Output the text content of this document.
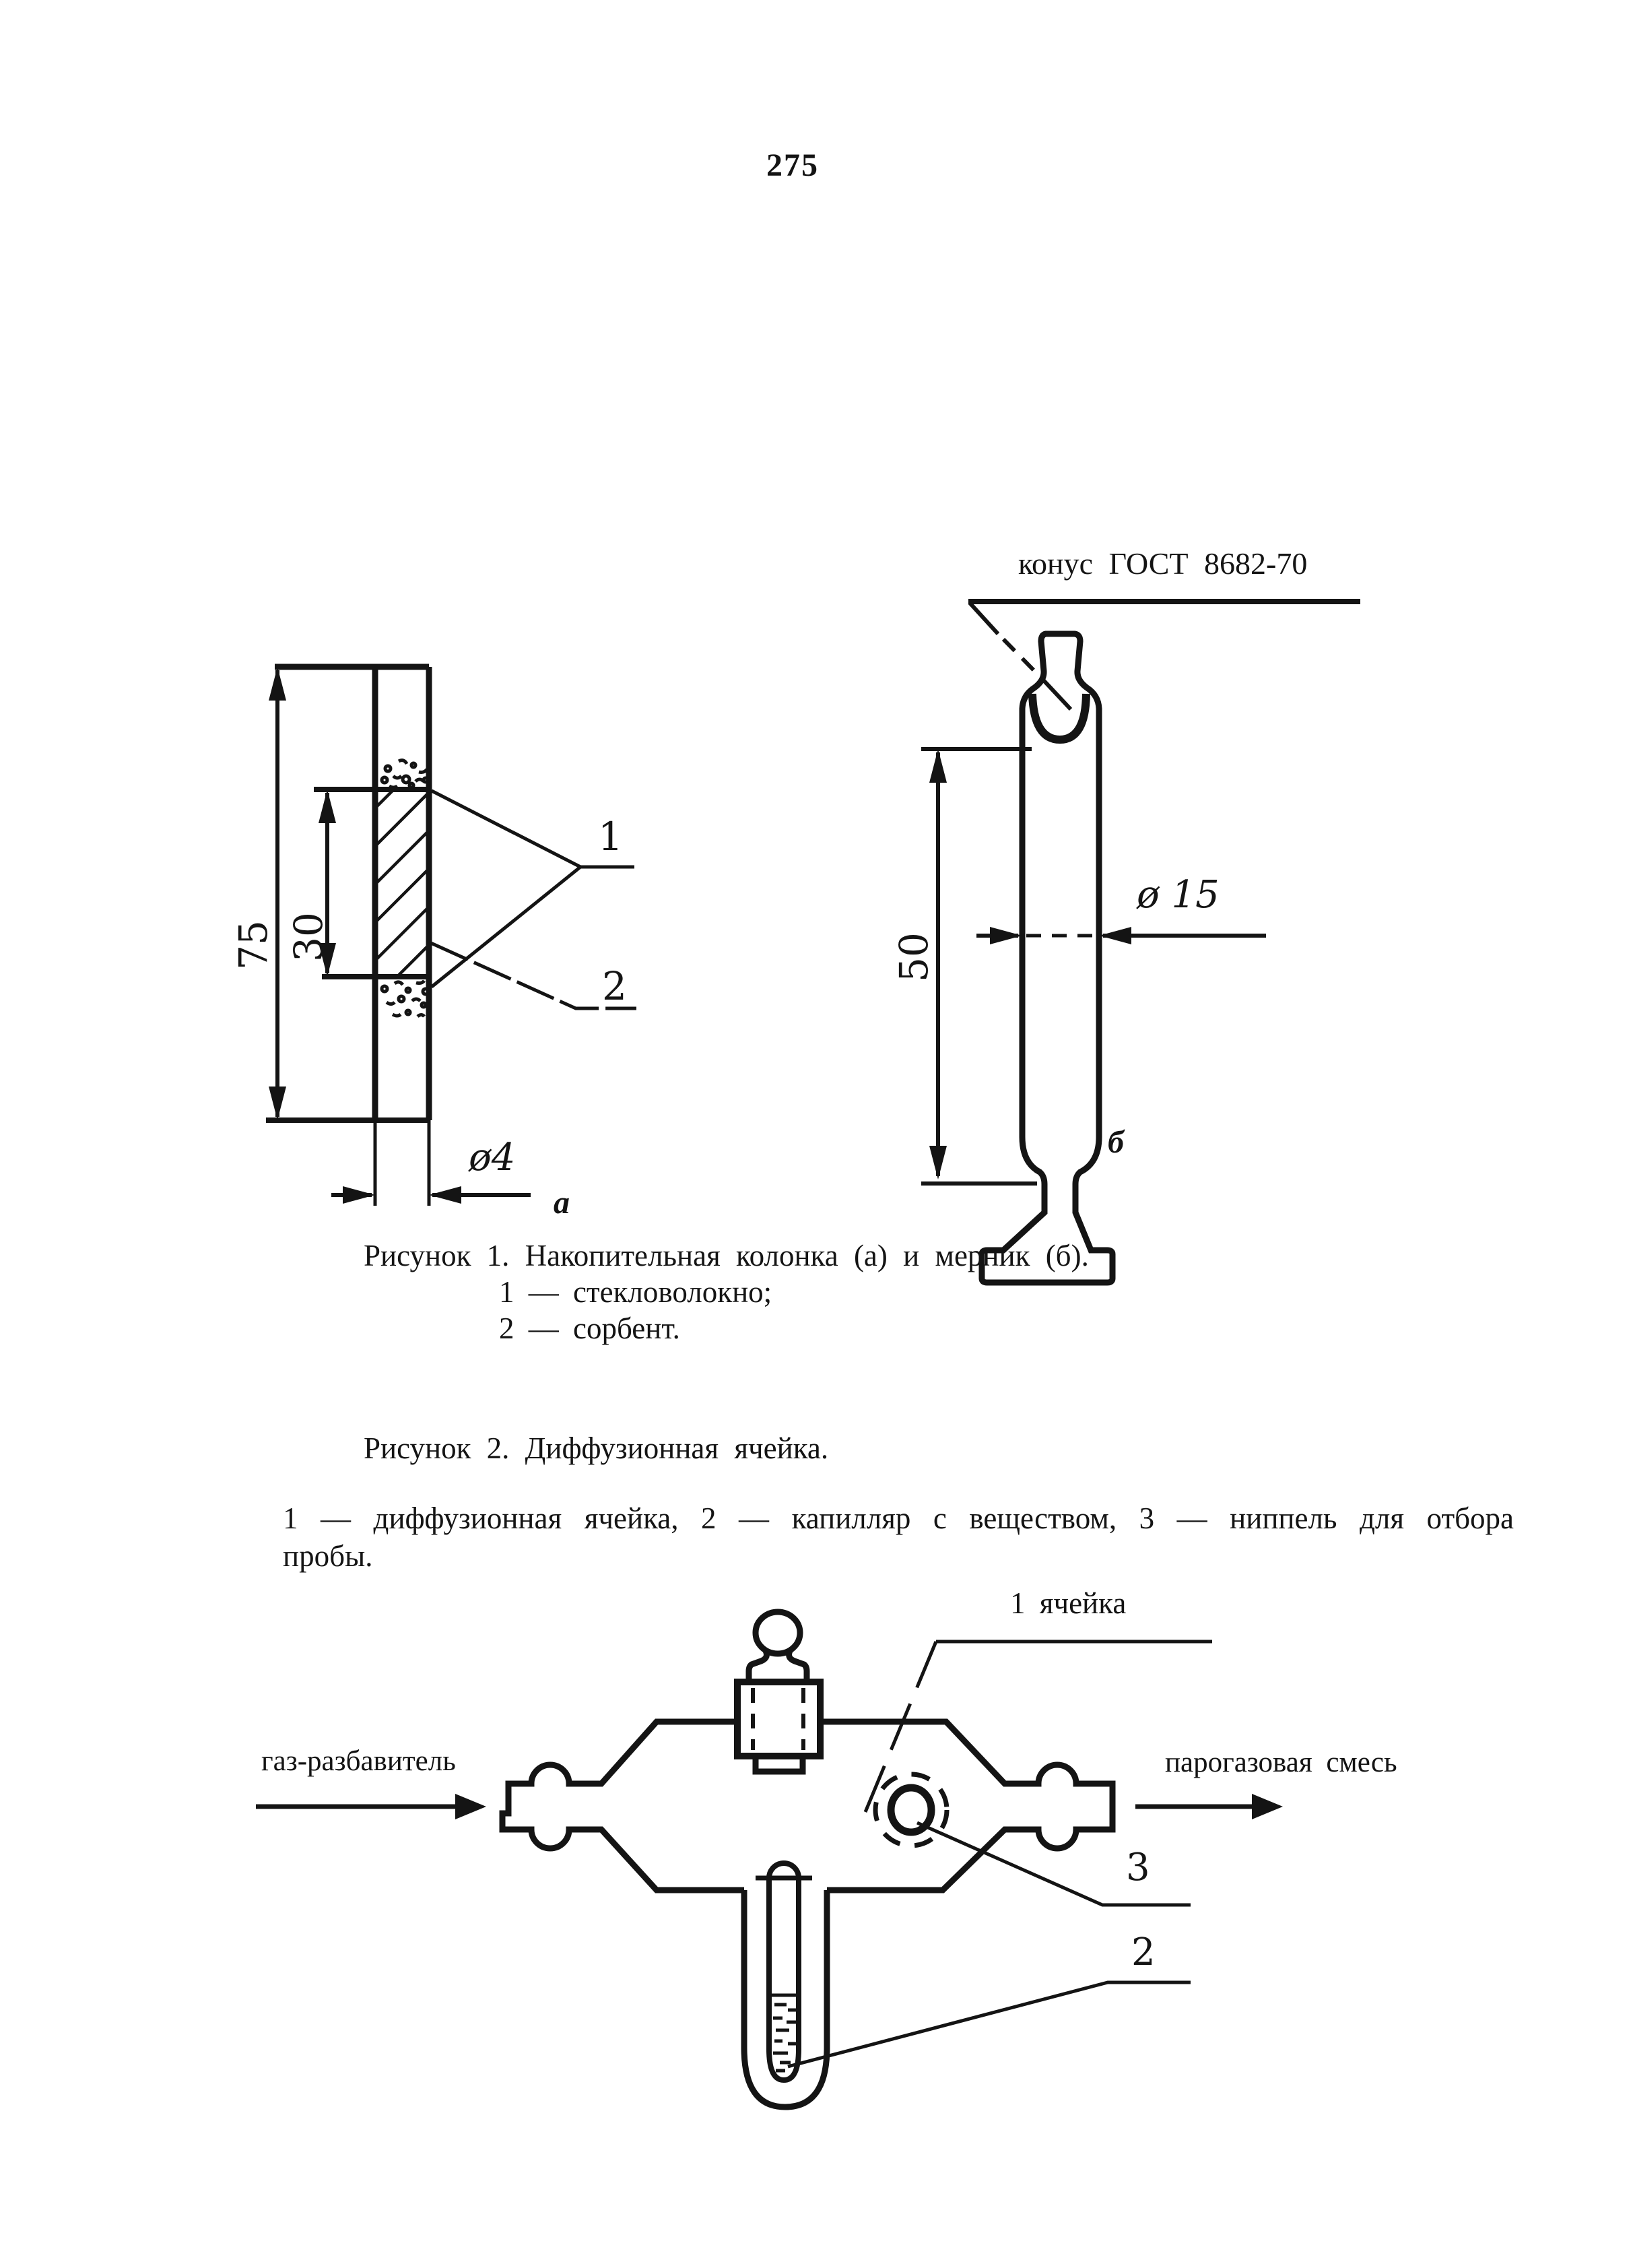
275
конус ГОСТ 8682-70
75 30	50
ø4
ø 15
а
б
1
2
Рисунок 1. Накопительная колонка (а) и мерник (б).
1 — стекловолокно;
2 — сорбент.
Рисунок 2. Диффузионная ячейка.
1 — диффузионная ячейка, 2 — капилляр с веществом, 3 — ниппель для отбора
пробы.
1 ячейка
газ-разбавитель	парогазовая смесь
3
2
